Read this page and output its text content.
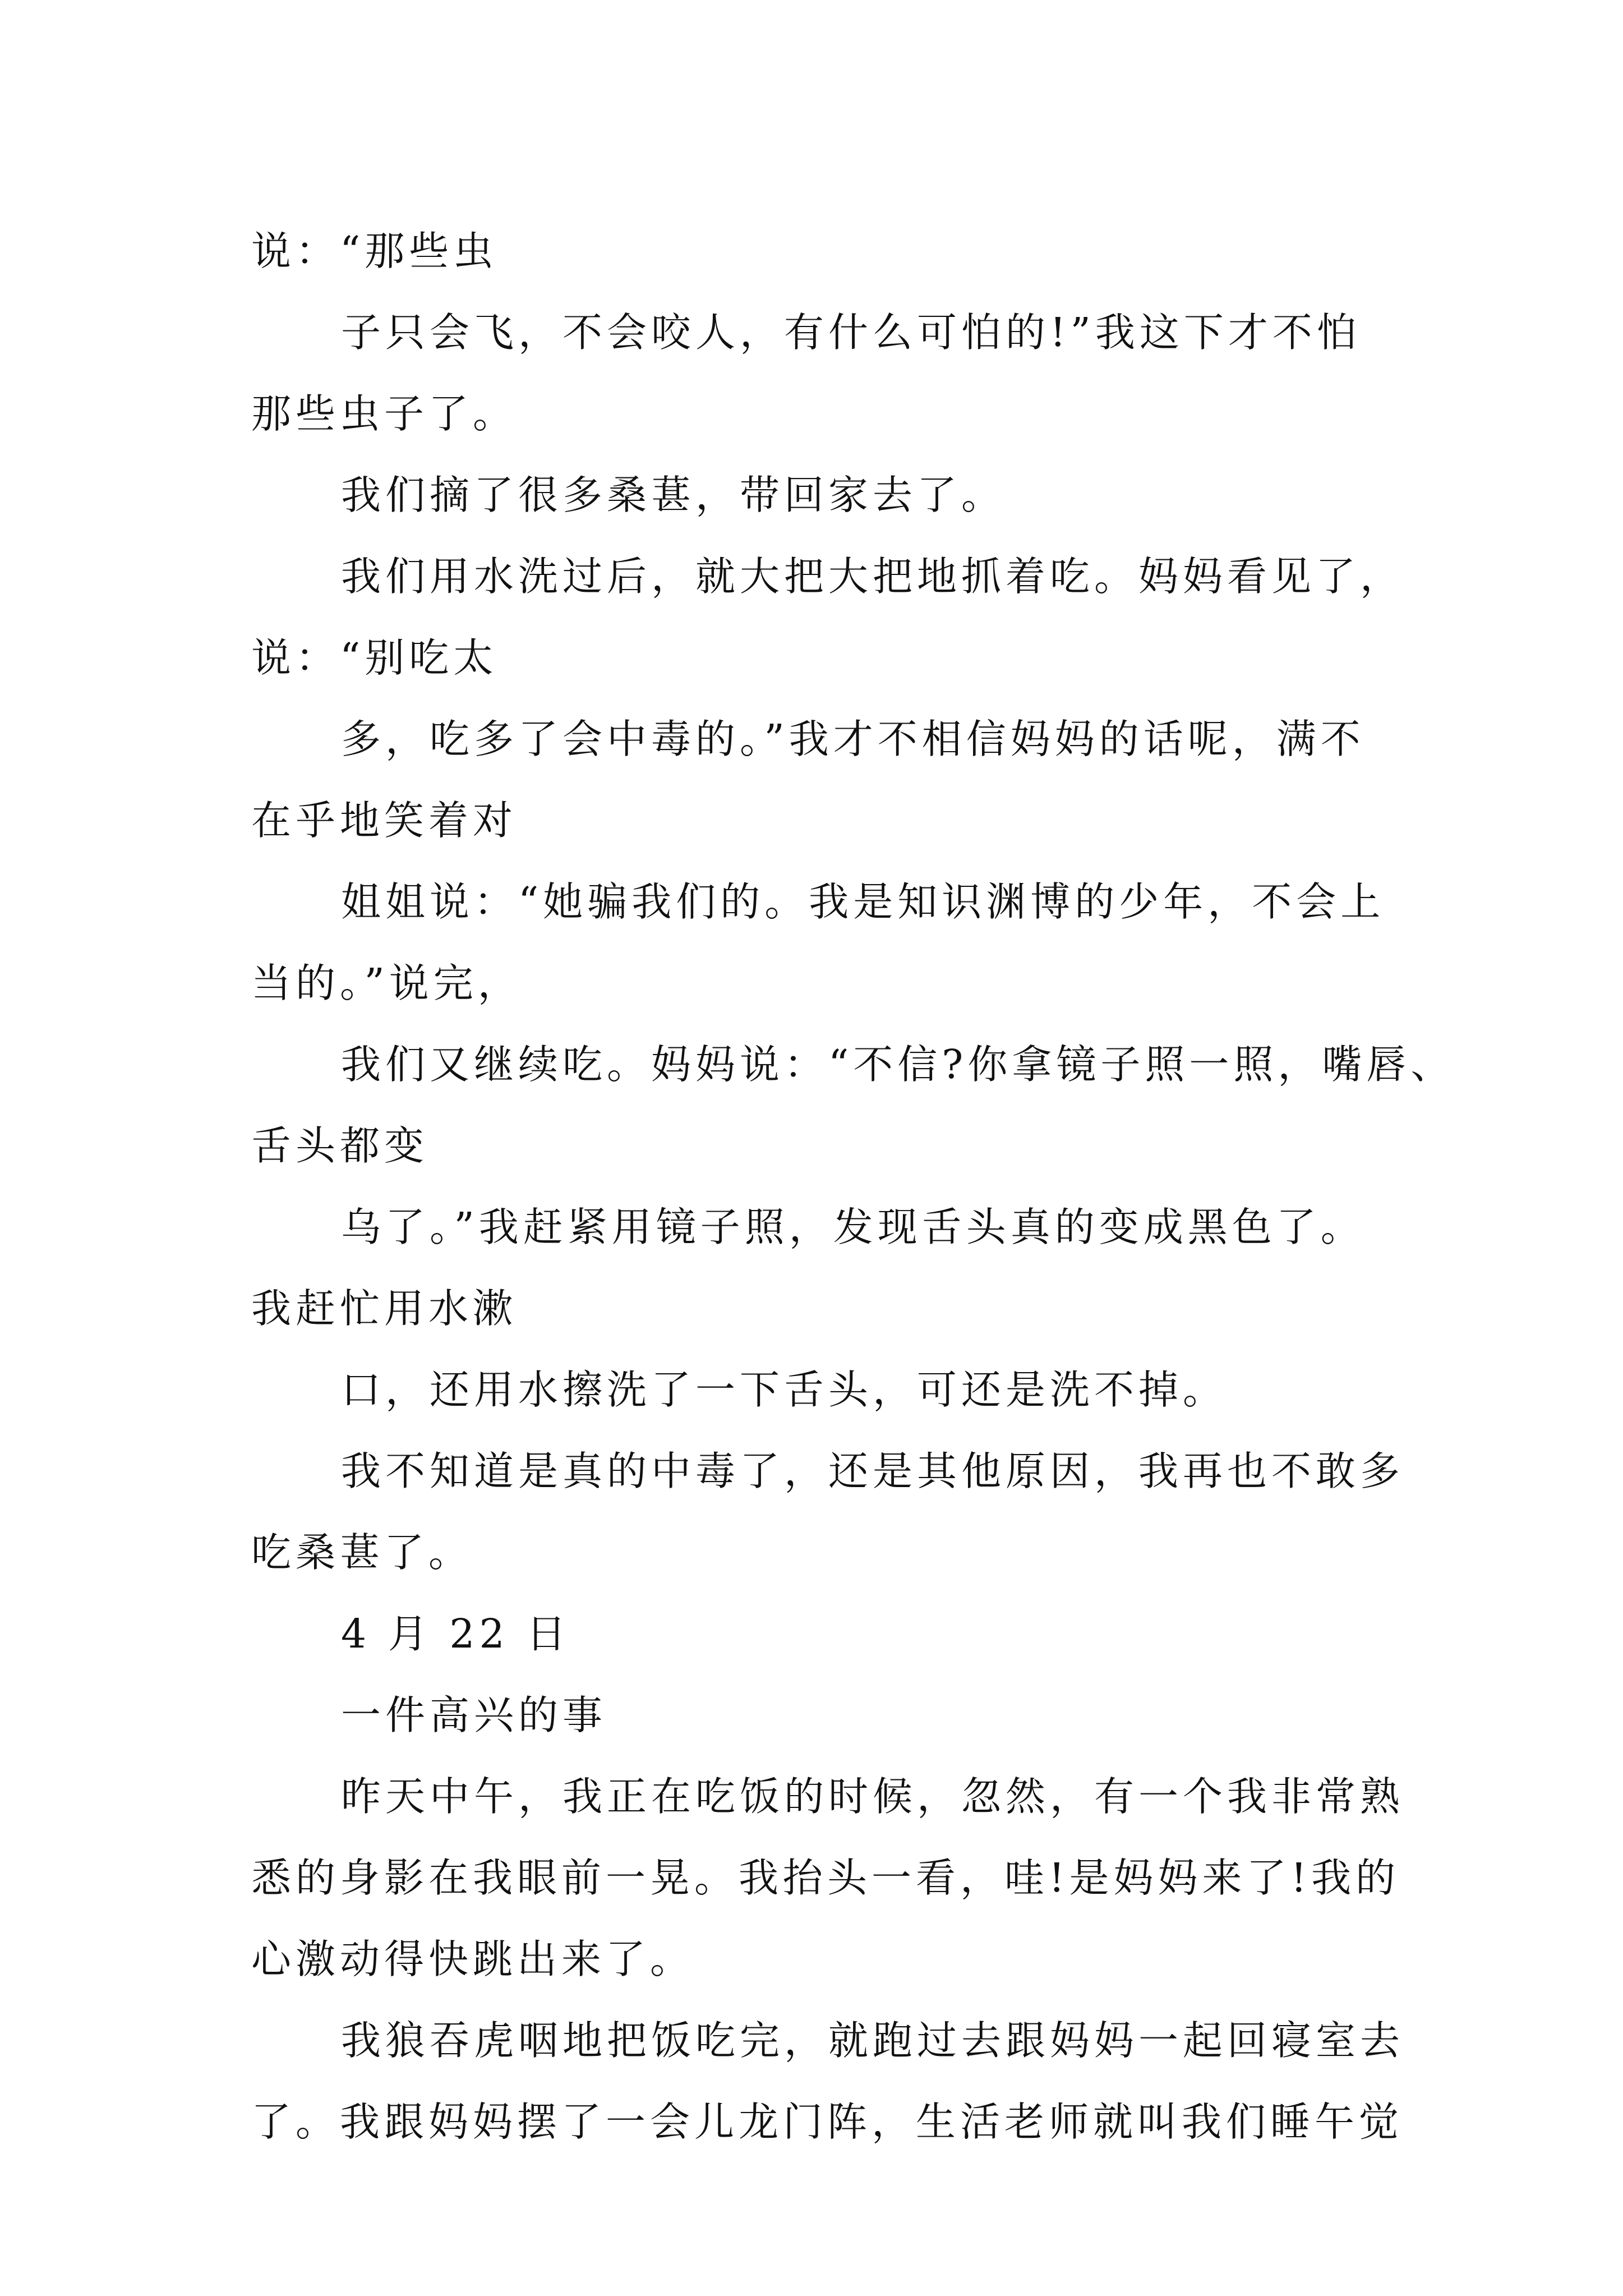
说：“那些虫
子只会飞，不会咬人，有什么可怕的!”我这下才不怕
那些虫子了。
我们摘了很多桑葚，带回家去了。
我们用水洗过后，就大把大把地抓着吃。妈妈看见了，
说：“别吃太
多，吃多了会中毒的。”我才不相信妈妈的话呢，满不
在乎地笑着对
姐姐说：“她骗我们的。我是知识渊博的少年，不会上
当的。”说完，
我们又继续吃。妈妈说：“不信?你拿镜子照一照，嘴唇、
舌头都变
乌了。”我赶紧用镜子照，发现舌头真的变成黑色了。
我赶忙用水漱
口，还用水擦洗了一下舌头，可还是洗不掉。
我不知道是真的中毒了，还是其他原因，我再也不敢多
吃桑葚了。
4 月 22 日
一件高兴的事
昨天中午，我正在吃饭的时候，忽然，有一个我非常熟
悉的身影在我眼前一晃。我抬头一看，哇!是妈妈来了!我的
心激动得快跳出来了。
我狼吞虎咽地把饭吃完，就跑过去跟妈妈一起回寝室去
了。我跟妈妈摆了一会儿龙门阵，生活老师就叫我们睡午觉
